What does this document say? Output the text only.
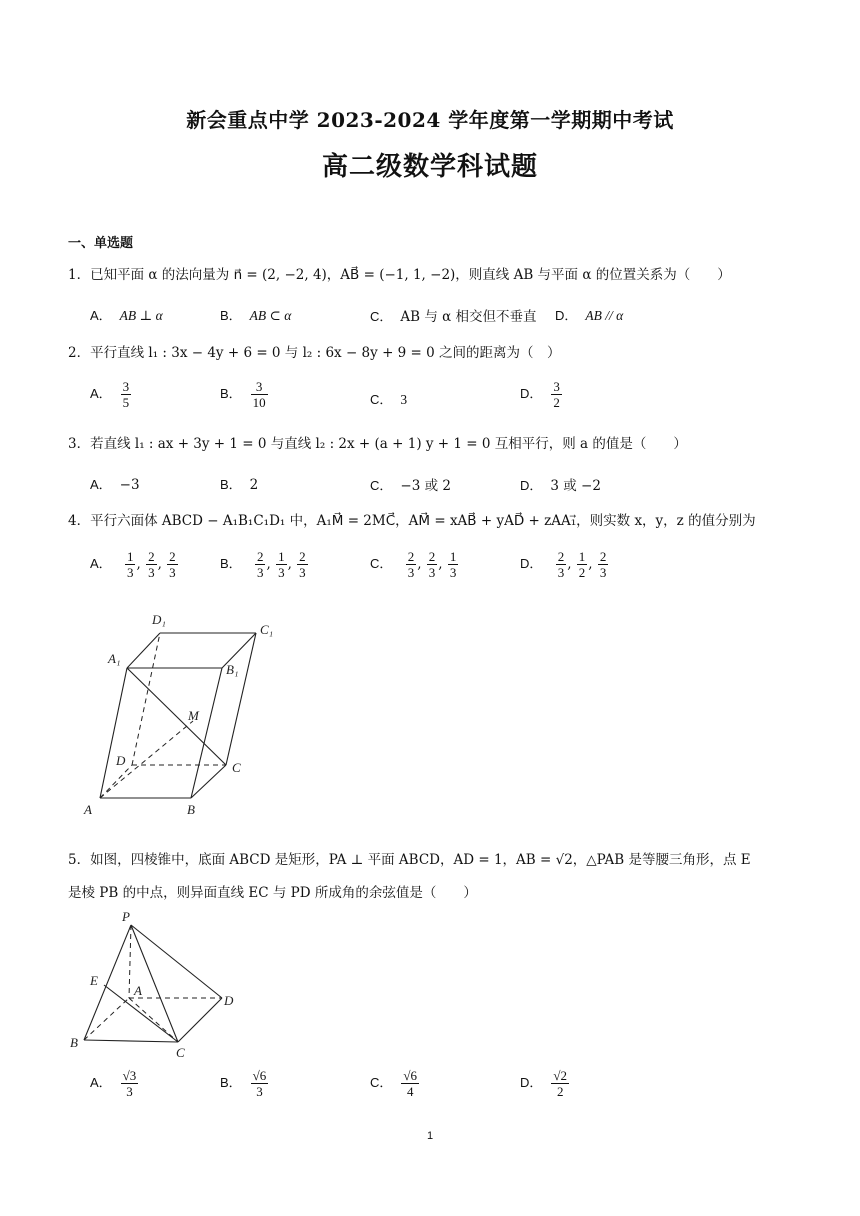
新会重点中学 2023-2024 学年度第一学期期中考试
高二级数学科试题
一、单选题
1．已知平面 α 的法向量为 n⃗ = (2, −2, 4)，AB⃗ = (−1, 1, −2)，则直线 AB 与平面 α 的位置关系为（　　）
A． AB ⊥ α	B． AB ⊂ α	C． AB 与 α 相交但不垂直 D． AB // α
2．平行直线 l₁ : 3x − 4y + 6 = 0 与 l₂ : 6x − 8y + 9 = 0 之间的距离为（　）
A． $\frac{3}{5}$	B． $\frac{3}{10}$	C． 3	D． $\frac{3}{2}$
3．若直线 l₁ : ax + 3y + 1 = 0 与直线 l₂ : 2x + (a + 1) y + 1 = 0 互相平行，则 a 的值是（　　）
A． −3	B． 2	C． −3 或 2	D． 3 或 −2
4．平行六面体 ABCD − A₁B₁C₁D₁ 中，A₁M⃗ = 2MC⃗，AM⃗ = xAB⃗ + yAD⃗ + zAA₁⃗，则实数 x，y，z 的值分别为
A． $\frac{1}{3}$ , $\frac{2}{3}$ , $\frac{2}{3}$	B． $\frac{2}{3}$ , $\frac{1}{3}$ , $\frac{2}{3}$	C． $\frac{2}{3}$ , $\frac{2}{3}$ , $\frac{1}{3}$	D． $\frac{2}{3}$ , $\frac{1}{2}$ , $\frac{2}{3}$
D₁
C₁
A₁
B₁
M
D	C
A	B
5．如图，四棱锥中，底面 ABCD 是矩形，PA ⊥ 平面 ABCD，AD = 1，AB = √2，△PAB 是等腰三角形，点 E
是棱 PB 的中点，则异面直线 EC 与 PD 所成角的余弦值是（　　）
P
E
A
D
B
C
A． $\frac{√3}{3}$	B． $\frac{√6}{3}$	C． $\frac{√6}{4}$	D． $\frac{√2}{2}$
1
